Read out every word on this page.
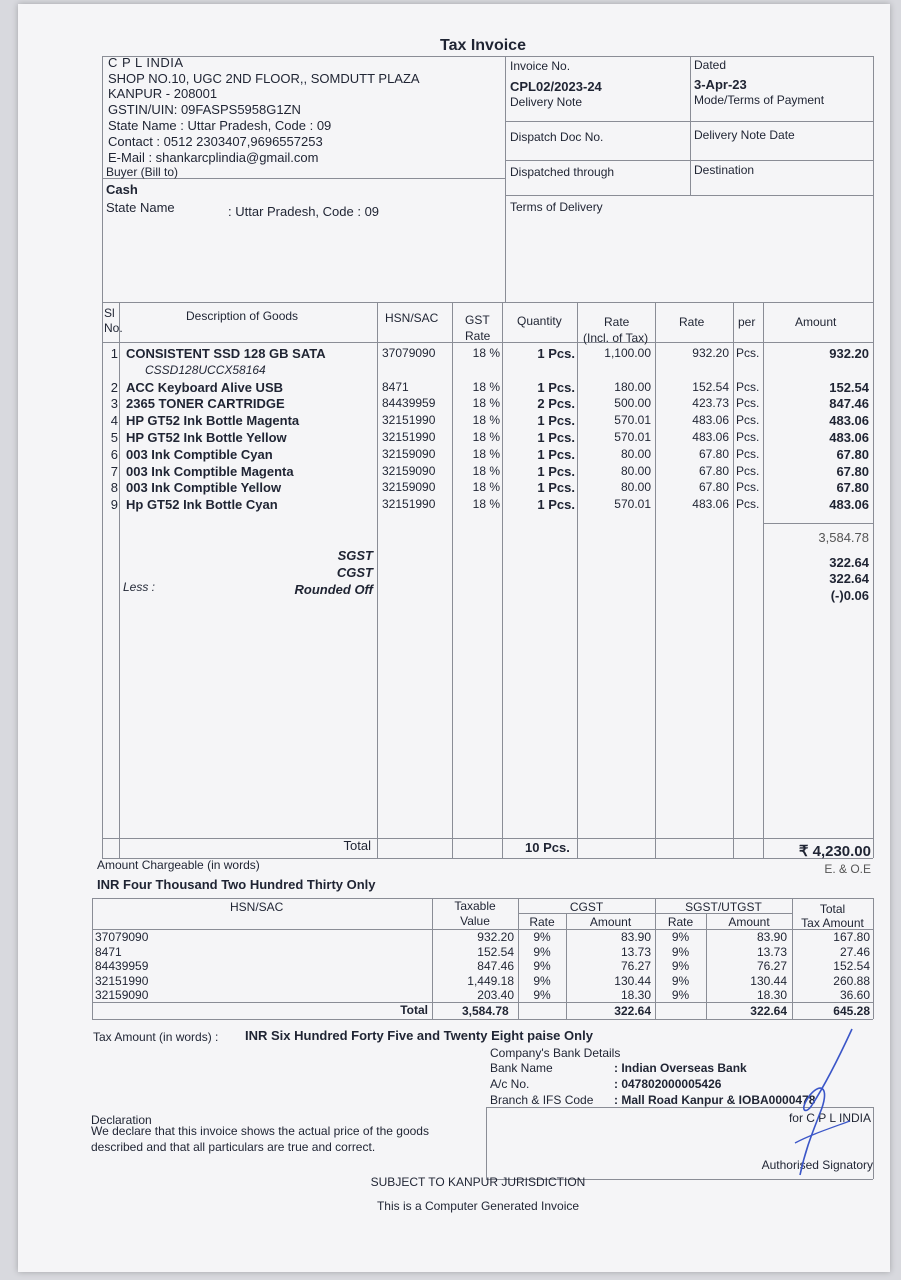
Tax Invoice
C P L INDIA
SHOP NO.10, UGC 2ND FLOOR,, SOMDUTT PLAZA
KANPUR - 208001
GSTIN/UIN: 09FASPS5958G1ZN
State Name : Uttar Pradesh, Code : 09
Contact : 0512 2303407,9696557253
E-Mail : shankarcplindia@gmail.com
Buyer (Bill to)
Cash
State Name	: Uttar Pradesh, Code : 09
Invoice No.
CPL02/2023-24
Delivery Note
Dated
3-Apr-23
Mode/Terms of Payment
Dispatch Doc No.	Delivery Note Date
Dispatched through	Destination
Terms of Delivery
Sl
No.
Description of Goods	HSN/SAC GST
Rate
Quantity	Rate
(Incl. of Tax)
Rate	per	Amount
1 CONSISTENT SSD 128 GB SATA	37079090	18 %	1 Pcs.	1,100.00	932.20 Pcs.	932.20
CSSD128UCCX58164
2 ACC Keyboard Alive USB	8471	18 %	1 Pcs.	180.00	152.54 Pcs.	152.54
3 2365 TONER CARTRIDGE	84439959	18 %	2 Pcs.	500.00	423.73 Pcs.	847.46
4 HP GT52 Ink Bottle Magenta	32151990	18 %	1 Pcs.	570.01	483.06 Pcs.	483.06
5 HP GT52 Ink Bottle Yellow	32151990	18 %	1 Pcs.	570.01	483.06 Pcs.	483.06
6 003 Ink Comptible Cyan	32159090	18 %	1 Pcs.	80.00	67.80 Pcs.	67.80
7 003 Ink Comptible Magenta	32159090	18 %	1 Pcs.	80.00	67.80 Pcs.	67.80
8 003 Ink Comptible Yellow	32159090	18 %	1 Pcs.	80.00	67.80 Pcs.	67.80
9 Hp GT52 Ink Bottle Cyan	32151990	18 %	1 Pcs.	570.01	483.06 Pcs.	483.06
3,584.78
SGST	322.64
CGST	322.64
Less :	Rounded Off	(-)0.06
Total	10 Pcs.	₹ 4,230.00
E. & O.E
Amount Chargeable (in words)
INR Four Thousand Two Hundred Thirty Only
HSN/SAC	Taxable
Value
CGST	SGST/UTGST
Rate	Amount	Rate	Amount
Total
Tax Amount
37079090	932.20	9%	83.90	9%	83.90	167.80
8471	152.54	9%	13.73	9%	13.73	27.46
84439959	847.46	9%	76.27	9%	76.27	152.54
32151990	1,449.18	9%	130.44	9%	130.44	260.88
32159090	203.40	9%	18.30	9%	18.30	36.60
Total	3,584.78	322.64	322.64	645.28
Tax Amount (in words) : INR Six Hundred Forty Five and Twenty Eight paise Only
Company's Bank Details
Bank Name	: Indian Overseas Bank
A/c No.	: 047802000005426
Branch & IFS Code : Mall Road Kanpur & IOBA0000478
Declaration
We declare that this invoice shows the actual price of the goods
described and that all particulars are true and correct.
for C P L INDIA
Authorised Signatory
SUBJECT TO KANPUR JURISDICTION
This is a Computer Generated Invoice
